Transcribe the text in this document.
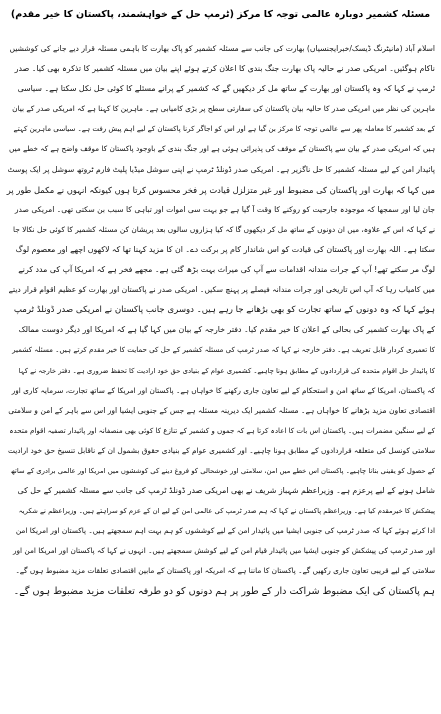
مسئلہ کشمیر دوبارہ عالمی توجہ کا مرکز (ٹرمپ حل کے خواہشمند، پاکستان کا خیر مقدم)
اسلام آباد (مانیٹرنگ ڈیسک/خبرایجنسیاں) بھارت کی جانب سے مسئلہ کشمیر کو پاک بھارت کا باہمی مسئلہ قرار دیے جانے کی کوششیں
ناکام ہوگئیں۔ امریکی صدر نے حالیہ پاک بھارت جنگ بندی کا اعلان کرتے ہوئے اپنے بیان میں مسئلہ کشمیر کا تذکرہ بھی کیا۔ صدر
ٹرمپ نے کہا کہ وہ پاکستان اور بھارت کے ساتھ مل کر دیکھیں گے کہ کشمیر کے پرانے مسئلے کا کوئی حل نکل سکتا ہے۔ سیاسی
ماہرین کی نظر میں امریکی صدر کا حالیہ بیان پاکستان کی سفارتی سطح پر بڑی کامیابی ہے۔ ماہرین کا کہنا ہے کہ امریکی صدر کے بیان
کے بعد کشمیر کا معاملہ پھر سے عالمی توجہ کا مرکز بن گیا ہے اور اس کو اجاگر کرنا پاکستان کے لیے اہم پیش رفت ہے۔ سیاسی ماہرین کہتے
ہیں کہ امریکی صدر کے بیان سے پاکستان کے موقف کی پذیرائی ہوئی ہے اور جنگ بندی کے باوجود پاکستان کا موقف واضح ہے کہ خطے میں
پائیدار امن کے لیے مسئلہ کشمیر کا حل ناگزیر ہے۔ امریکی صدر ڈونلڈ ٹرمپ نے اپنی سوشل میڈیا پلیٹ فارم ٹروتھ سوشل پر ایک پوسٹ
میں کہا کہ بھارت اور پاکستان کی مضبوط اور غیر متزلزل قیادت پر فخر محسوس کرتا ہوں کیونکہ انہوں نے مکمل طور پر
جان لیا اور سمجھا کہ موجودہ جارحیت کو روکنے کا وقت آ گیا ہے جو بہت سی اموات اور تباہی کا سبب بن سکتی تھی۔ امریکی صدر
نے کہا کہ اس کے علاوہ، میں ان دونوں کے ساتھ مل کر دیکھوں گا کہ کیا ہزاروں سالوں بعد پریشان کن مسئلہ کشمیر کا کوئی حل نکالا جا
سکتا ہے۔ اللہ بھارت اور پاکستان کی قیادت کو اس شاندار کام پر برکت دے۔ ان کا مزید کہنا تھا کہ لاکھوں اچھے اور معصوم لوگ
لوگ مر سکتے تھے! آپ کے جرات مندانہ اقدامات سے آپ کی میراث بہت بڑھ گئی ہے۔ مجھے فخر ہے کہ امریکا آپ کی مدد کرنے
میں کامیاب رہا کہ آپ اس تاریخی اور جرات مندانہ فیصلے پر پہنچ سکیں۔ امریکی صدر نے پاکستان اور بھارت کو عظیم اقوام قرار دیتے
ہوئے کہا کہ وہ دونوں کے ساتھ تجارت کو بھی بڑھانے جا رہے ہیں۔ دوسری جانب پاکستان نے امریکی صدر ڈونلڈ ٹرمپ
کے پاک بھارت کشمیر کی بحالی کے اعلان کا خیر مقدم کیا۔ دفتر خارجہ کے بیان میں کہا گیا ہے کہ امریکا اور دیگر دوست ممالک
کا تعمیری کردار قابل تعریف ہے۔ دفتر خارجہ نے کہا کہ صدر ٹرمپ کی مسئلہ کشمیر کے حل کی حمایت کا خیر مقدم کرتے ہیں۔ مسئلہ کشمیر
کا پائیدار حل اقوام متحدہ کی قراردادوں کے مطابق ہونا چاہیے۔ کشمیری عوام کے بنیادی حق خود ارادیت کا تحفظ ضروری ہے۔ دفتر خارجہ نے کہا
کہ پاکستان، امریکا کے ساتھ امن و استحکام کے لیے تعاون جاری رکھنے کا خواہاں ہے۔ پاکستان اور امریکا کے ساتھ تجارت، سرمایہ کاری اور
اقتصادی تعاون مزید بڑھانے کا خواہاں ہے۔ مسئلہ کشمیر ایک دیرینہ مسئلہ ہے جس کے جنوبی ایشیا اور اس سے باہر کے امن و سلامتی
کے لیے سنگین مضمرات ہیں۔ پاکستان اس بات کا اعادہ کرتا ہے کہ جموں و کشمیر کے تنازع کا کوئی بھی منصفانہ اور پائیدار تصفیہ اقوام متحدہ
سلامتی کونسل کی متعلقہ قراردادوں کے مطابق ہونا چاہیے۔ اور کشمیری عوام کے بنیادی حقوق بشمول ان کے ناقابل تنسیخ حق خود ارادیت
کے حصول کو یقینی بنانا چاہیے۔ پاکستان اس خطے میں امن، سلامتی اور خوشحالی کو فروغ دینے کی کوششوں میں امریکا اور عالمی برادری کے ساتھ
شامل ہونے کے لیے پرعزم ہے۔ وزیراعظم شہباز شریف نے بھی امریکی صدر ڈونلڈ ٹرمپ کی جانب سے مسئلہ کشمیر کے حل کی
پیشکش کا خیرمقدم کیا ہے۔ وزیراعظم پاکستان نے کہا کہ ہم صدر ٹرمپ کی عالمی امن کے لیے ان کے عزم کو سراہتے ہیں۔ وزیراعظم نے شکریہ
ادا کرتے ہوئے کہا کہ صدر ٹرمپ کی جنوبی ایشیا میں پائیدار امن کے لیے کوششوں کو ہم بہت اہم سمجھتے ہیں۔ پاکستان اور امریکا امن
اور صدر ٹرمپ کی پیشکش کو جنوبی ایشیا میں پائیدار قیام امن کے لیے کوشش سمجھتے ہیں۔ انہوں نے کہا کہ پاکستان اور امریکا امن اور
سلامتی کے لیے قریبی تعاون جاری رکھیں گے۔ پاکستان کا ماننا ہے کہ امریکہ اور پاکستان کے مابین اقتصادی تعلقات مزید مضبوط ہوں گے۔
ہم پاکستان کی ایک مضبوط شراکت دار کے طور پر ہم دونوں کو دو طرفہ تعلقات مزید مضبوط ہوں گے۔
